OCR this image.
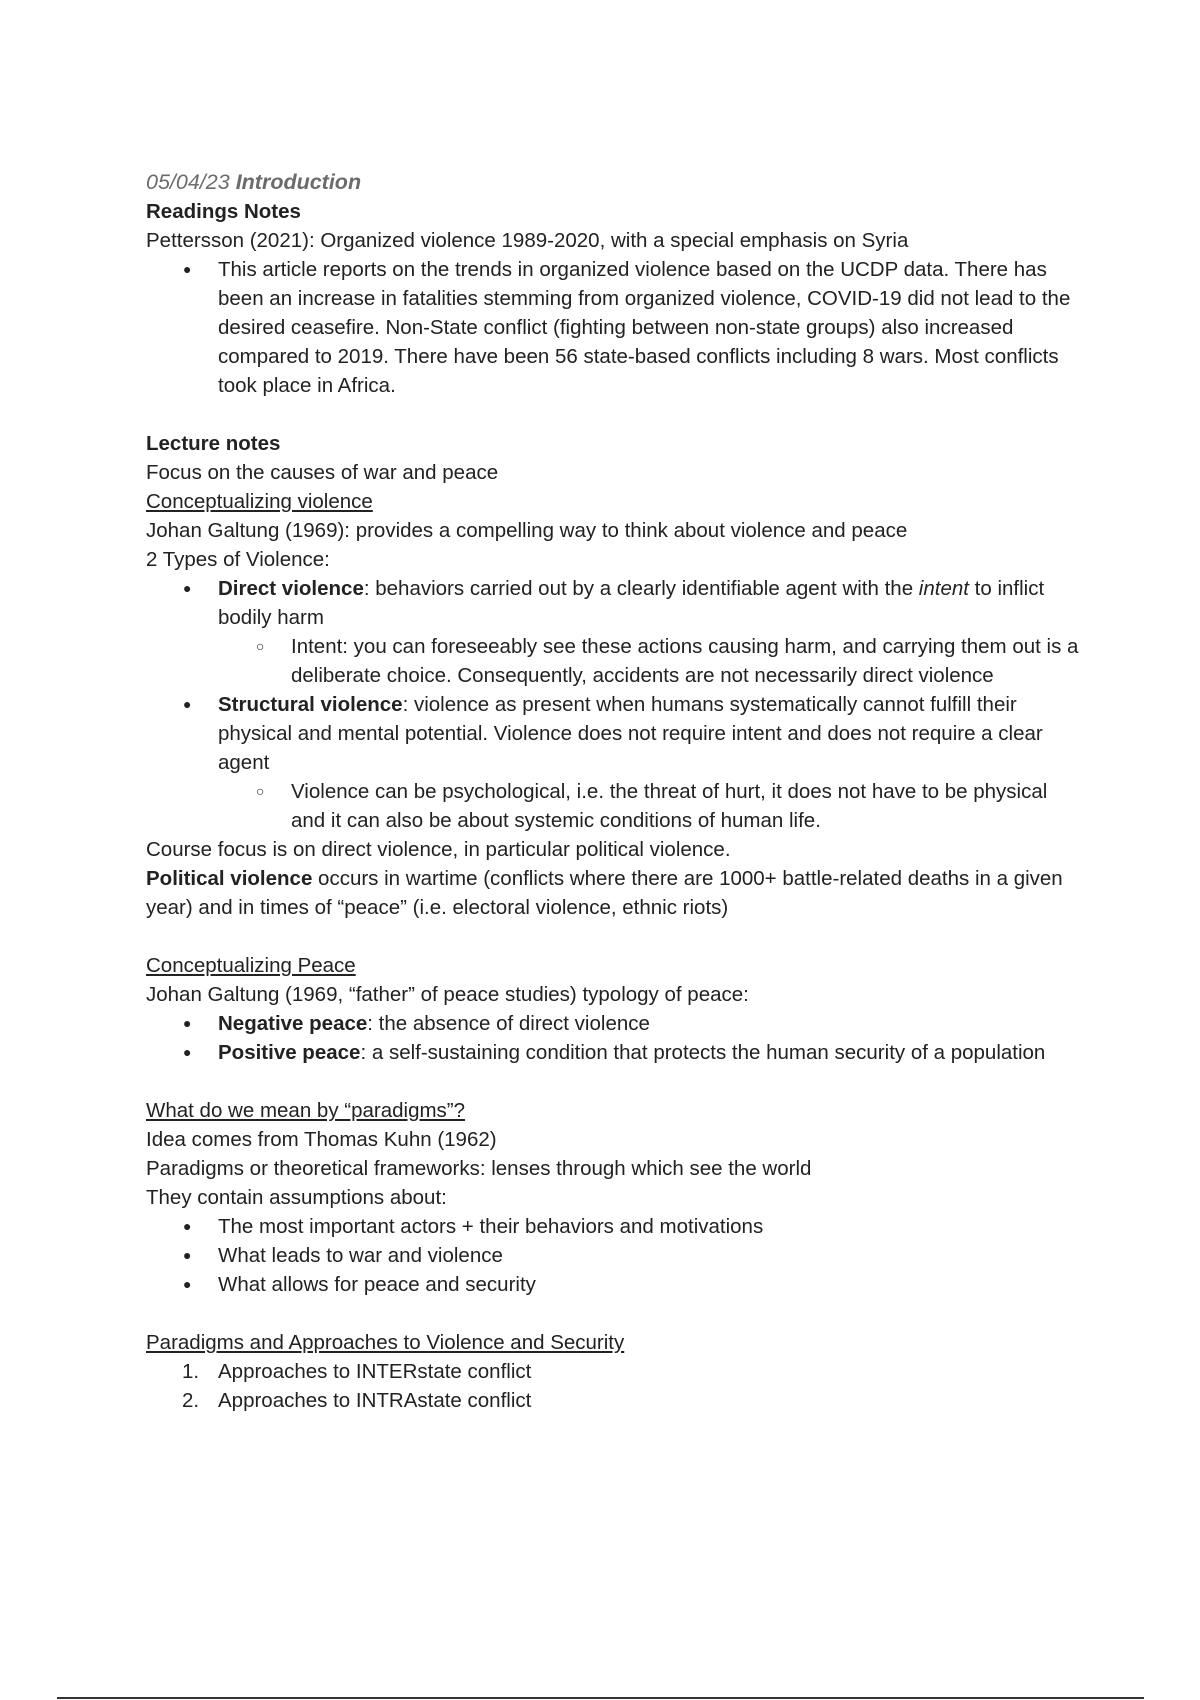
05/04/23 Introduction

Readings Notes

Pettersson (2021): Organized violence 1989-2020, with a special emphasis on Syria

● This article reports on the trends in organized violence based on the UCDP data. There has been an increase in fatalities stemming from organized violence, COVID-19 did not lead to the desired ceasefire. Non-State conflict (fighting between non-state groups) also increased compared to 2019. There have been 56 state-based conflicts including 8 wars. Most conflicts took place in Africa.

Lecture notes

Focus on the causes of war and peace

Conceptualizing violence

Johan Galtung (1969): provides a compelling way to think about violence and peace

2 Types of Violence:

● Direct violence: behaviors carried out by a clearly identifiable agent with the intent to inflict bodily harm
○ Intent: you can foreseeably see these actions causing harm, and carrying them out is a deliberate choice. Consequently, accidents are not necessarily direct violence
● Structural violence: violence as present when humans systematically cannot fulfill their physical and mental potential. Violence does not require intent and does not require a clear agent
○ Violence can be psychological, i.e. the threat of hurt, it does not have to be physical and it can also be about systemic conditions of human life.

Course focus is on direct violence, in particular political violence.

Political violence occurs in wartime (conflicts where there are 1000+ battle-related deaths in a given year) and in times of “peace” (i.e. electoral violence, ethnic riots)

Conceptualizing Peace

Johan Galtung (1969, “father” of peace studies) typology of peace:

● Negative peace: the absence of direct violence
● Positive peace: a self-sustaining condition that protects the human security of a population

What do we mean by “paradigms”?

Idea comes from Thomas Kuhn (1962)

Paradigms or theoretical frameworks: lenses through which see the world

They contain assumptions about:

● The most important actors + their behaviors and motivations
● What leads to war and violence
● What allows for peace and security

Paradigms and Approaches to Violence and Security

1. Approaches to INTERstate conflict
2. Approaches to INTRAstate conflict
